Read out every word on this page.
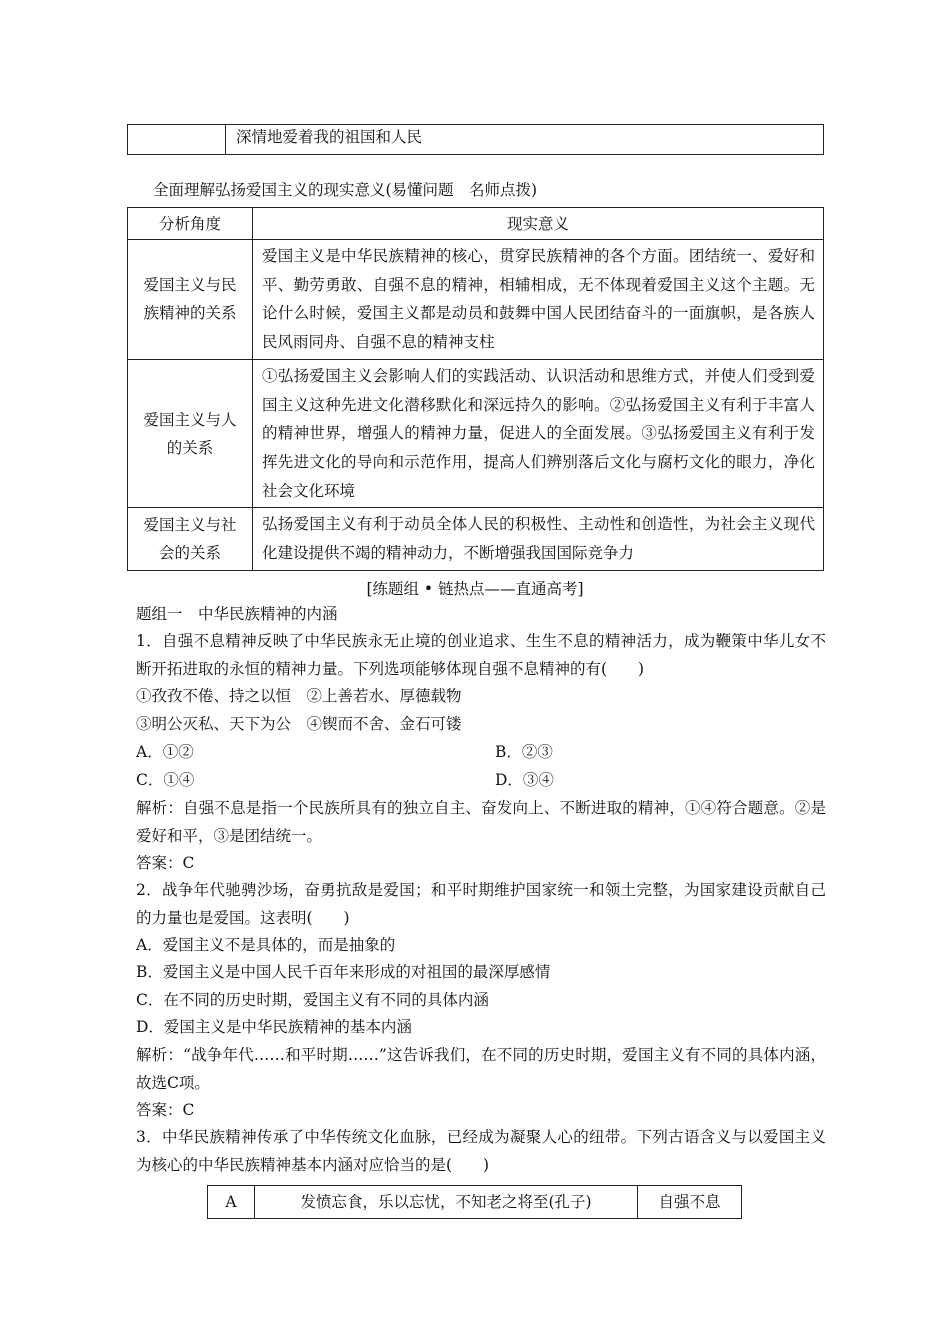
	深情地爱着我的祖国和人民
全面理解弘扬爱国主义的现实意义(易懂问题　名师点拨)
分析角度	现实意义
爱国主义与民族精神的关系	爱国主义是中华民族精神的核心，贯穿民族精神的各个方面。团结统一、爱好和平、勤劳勇敢、自强不息的精神，相辅相成，无不体现着爱国主义这个主题。无论什么时候，爱国主义都是动员和鼓舞中国人民团结奋斗的一面旗帜，是各族人民风雨同舟、自强不息的精神支柱
爱国主义与人的关系	①弘扬爱国主义会影响人们的实践活动、认识活动和思维方式，并使人们受到爱国主义这种先进文化潜移默化和深远持久的影响。②弘扬爱国主义有利于丰富人的精神世界，增强人的精神力量，促进人的全面发展。③弘扬爱国主义有利于发挥先进文化的导向和示范作用，提高人们辨别落后文化与腐朽文化的眼力，净化社会文化环境
爱国主义与社会的关系	弘扬爱国主义有利于动员全体人民的积极性、主动性和创造性，为社会主义现代化建设提供不竭的精神动力，不断增强我国国际竞争力
[练题组 • 链热点——直通高考]
题组一　中华民族精神的内涵
1．自强不息精神反映了中华民族永无止境的创业追求、生生不息的精神活力，成为鞭策中华儿女不断开拓进取的永恒的精神力量。下列选项能够体现自强不息精神的有(　　)
①孜孜不倦、持之以恒　②上善若水、厚德载物
③明公灭私、天下为公　④锲而不舍、金石可镂
A．①②	B．②③
C．①④	D．③④
解析：自强不息是指一个民族所具有的独立自主、奋发向上、不断进取的精神，①④符合题意。②是爱好和平，③是团结统一。
答案：C
2．战争年代驰骋沙场，奋勇抗敌是爱国；和平时期维护国家统一和领土完整，为国家建设贡献自己的力量也是爱国。这表明(　　)
A．爱国主义不是具体的，而是抽象的
B．爱国主义是中国人民千百年来形成的对祖国的最深厚感情
C．在不同的历史时期，爱国主义有不同的具体内涵
D．爱国主义是中华民族精神的基本内涵
解析：“战争年代……和平时期……”这告诉我们，在不同的历史时期，爱国主义有不同的具体内涵，故选C项。
答案：C
3．中华民族精神传承了中华传统文化血脉，已经成为凝聚人心的纽带。下列古语含义与以爱国主义为核心的中华民族精神基本内涵对应恰当的是(　　)
A	发愤忘食，乐以忘忧，不知老之将至(孔子)	自强不息
